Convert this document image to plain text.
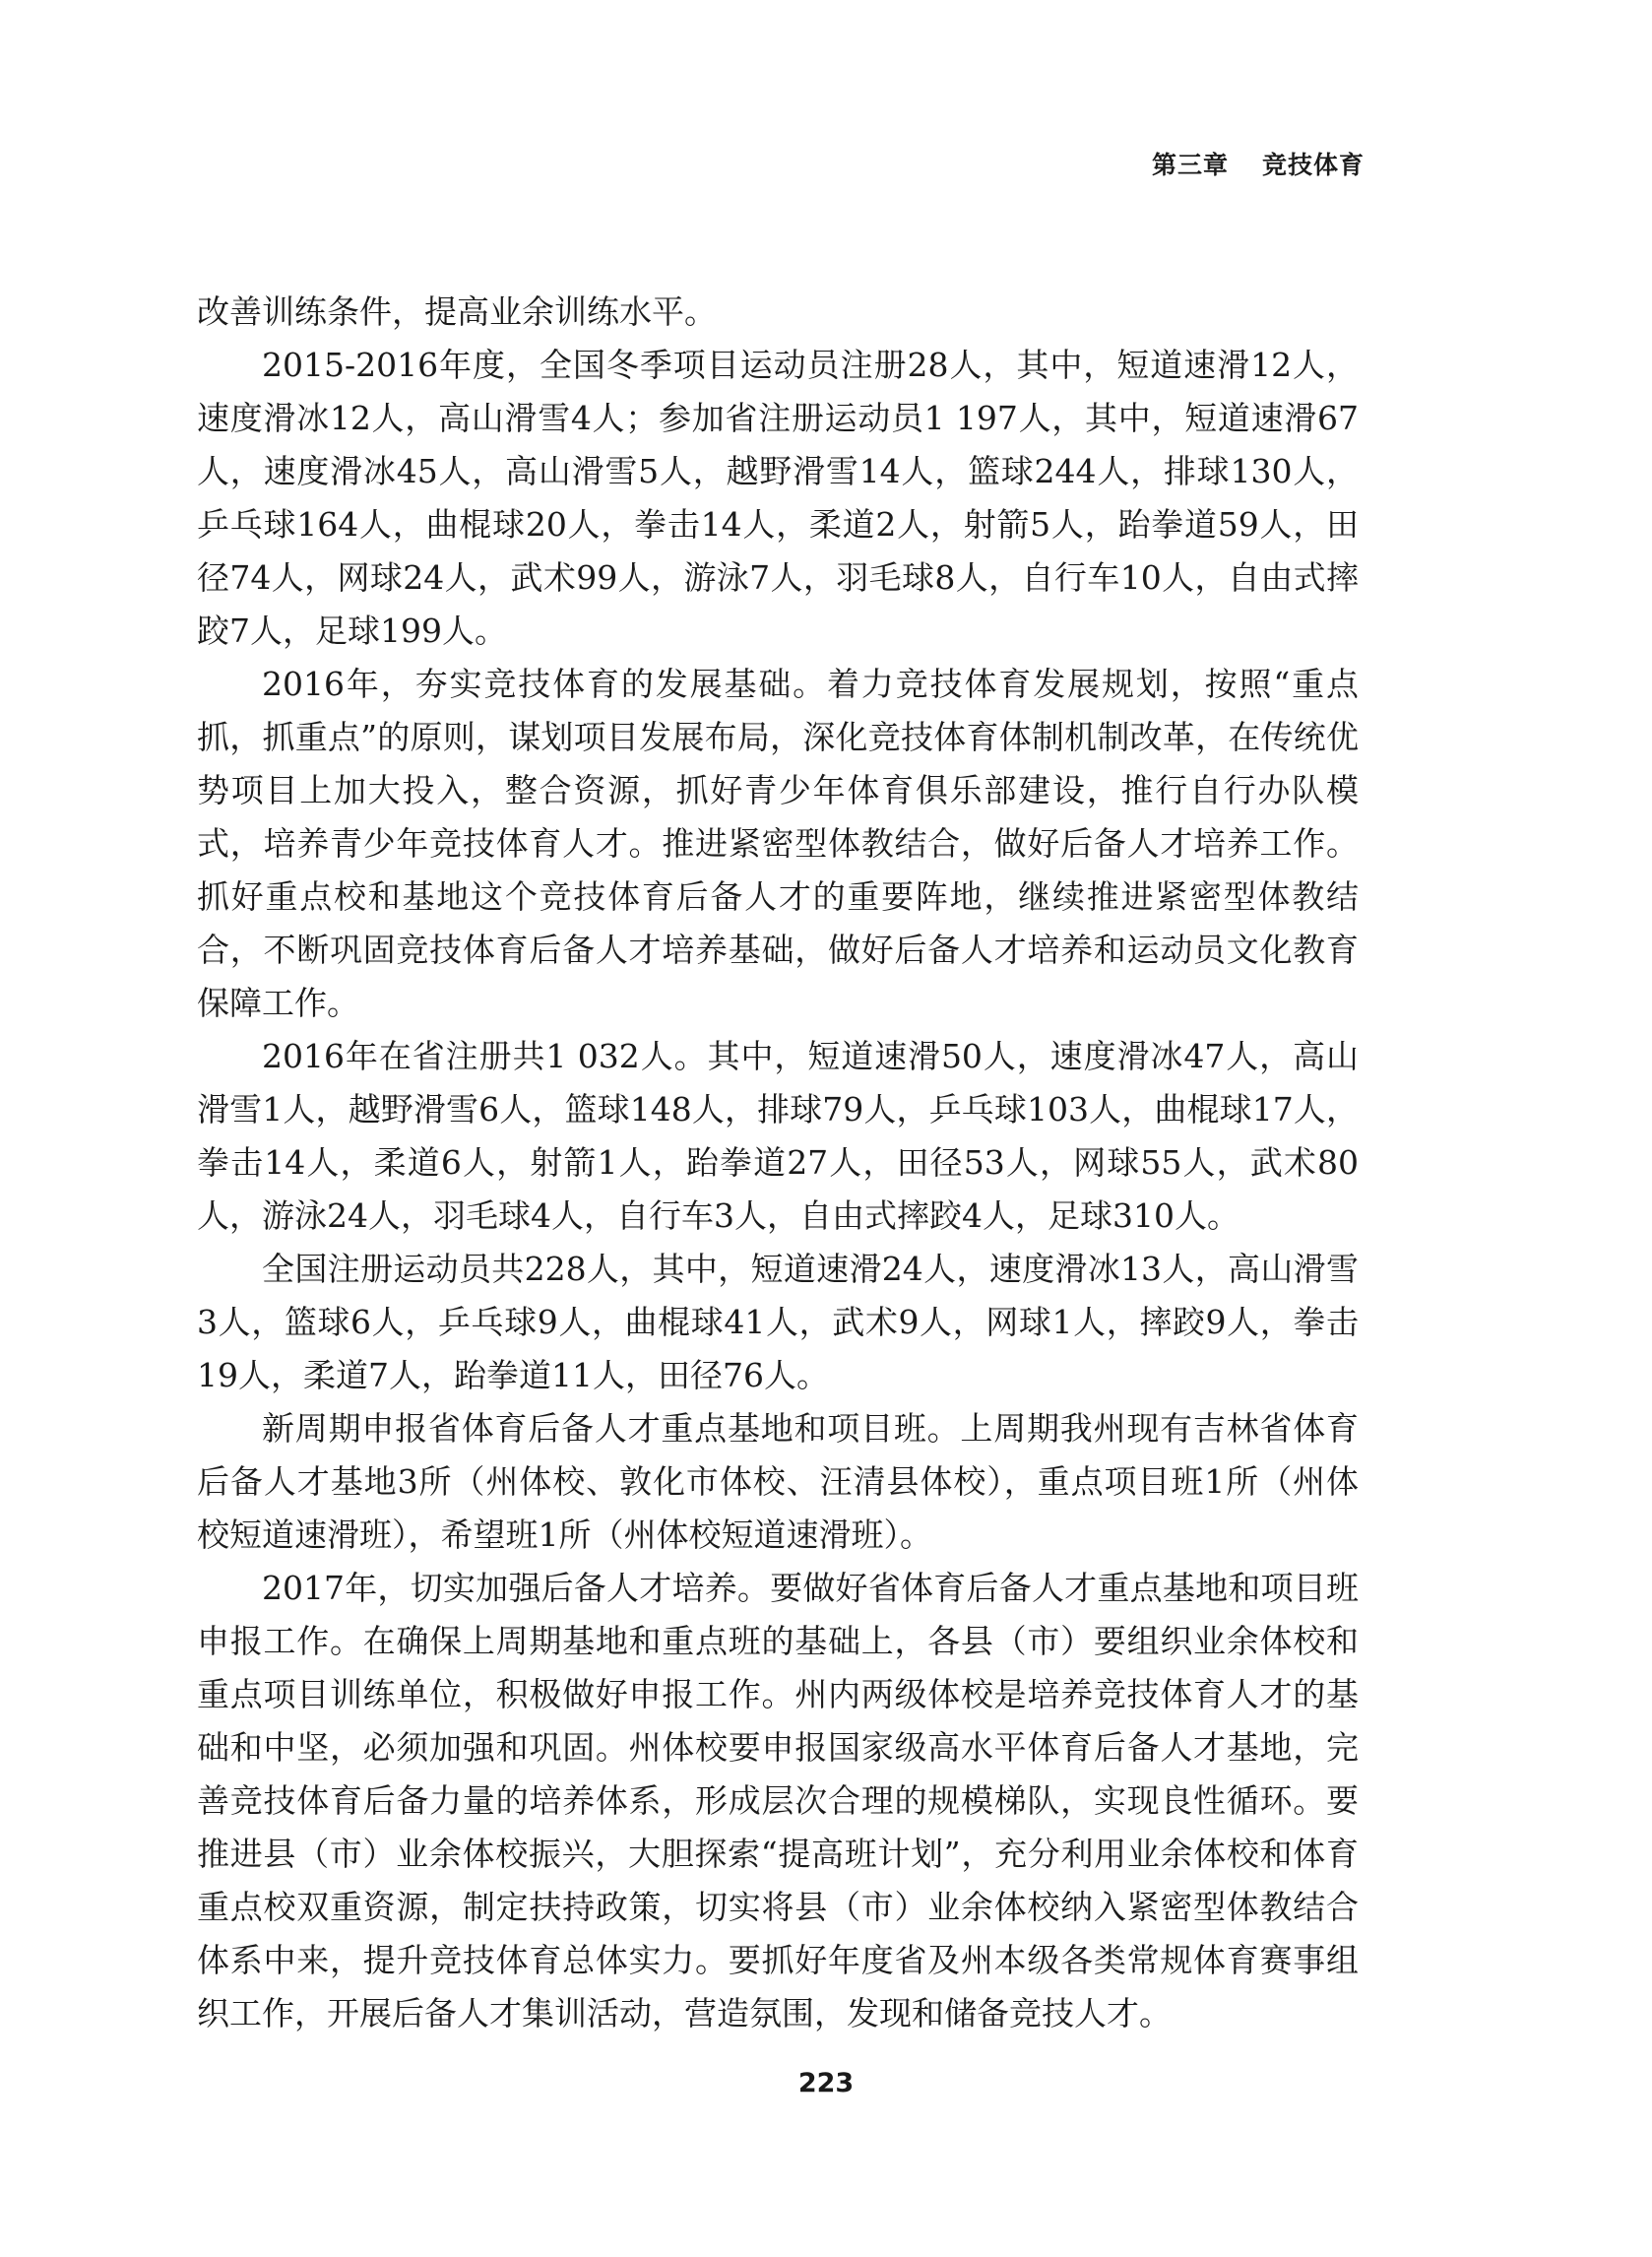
第三章 竞技体育

改善训练条件，提高业余训练水平。

2015-2016年度，全国冬季项目运动员注册28人，其中，短道速滑12人，速度滑冰12人，高山滑雪4人；参加省注册运动员1 197人，其中，短道速滑67人，速度滑冰45人，高山滑雪5人，越野滑雪14人，篮球244人，排球130人，乒乓球164人，曲棍球20人，拳击14人，柔道2人，射箭5人，跆拳道59人，田径74人，网球24人，武术99人，游泳7人，羽毛球8人，自行车10人，自由式摔跤7人，足球199人。

2016年，夯实竞技体育的发展基础。着力竞技体育发展规划，按照“重点抓，抓重点”的原则，谋划项目发展布局，深化竞技体育体制机制改革，在传统优势项目上加大投入，整合资源，抓好青少年体育俱乐部建设，推行自行办队模式，培养青少年竞技体育人才。推进紧密型体教结合，做好后备人才培养工作。抓好重点校和基地这个竞技体育后备人才的重要阵地，继续推进紧密型体教结合，不断巩固竞技体育后备人才培养基础，做好后备人才培养和运动员文化教育保障工作。

2016年在省注册共1 032人。其中，短道速滑50人，速度滑冰47人，高山滑雪1人，越野滑雪6人，篮球148人，排球79人，乒乓球103人，曲棍球17人，拳击14人，柔道6人，射箭1人，跆拳道27人，田径53人，网球55人，武术80人，游泳24人，羽毛球4人，自行车3人，自由式摔跤4人，足球310人。

全国注册运动员共228人，其中，短道速滑24人，速度滑冰13人，高山滑雪3人，篮球6人，乒乓球9人，曲棍球41人，武术9人，网球1人，摔跤9人，拳击19人，柔道7人，跆拳道11人，田径76人。

新周期申报省体育后备人才重点基地和项目班。上周期我州现有吉林省体育后备人才基地3所（州体校、敦化市体校、汪清县体校），重点项目班1所（州体校短道速滑班），希望班1所（州体校短道速滑班）。

2017年，切实加强后备人才培养。要做好省体育后备人才重点基地和项目班申报工作。在确保上周期基地和重点班的基础上，各县（市）要组织业余体校和重点项目训练单位，积极做好申报工作。州内两级体校是培养竞技体育人才的基础和中坚，必须加强和巩固。州体校要申报国家级高水平体育后备人才基地，完善竞技体育后备力量的培养体系，形成层次合理的规模梯队，实现良性循环。要推进县（市）业余体校振兴，大胆探索“提高班计划”，充分利用业余体校和体育重点校双重资源，制定扶持政策，切实将县（市）业余体校纳入紧密型体教结合体系中来，提升竞技体育总体实力。要抓好年度省及州本级各类常规体育赛事组织工作，开展后备人才集训活动，营造氛围，发现和储备竞技人才。

223
